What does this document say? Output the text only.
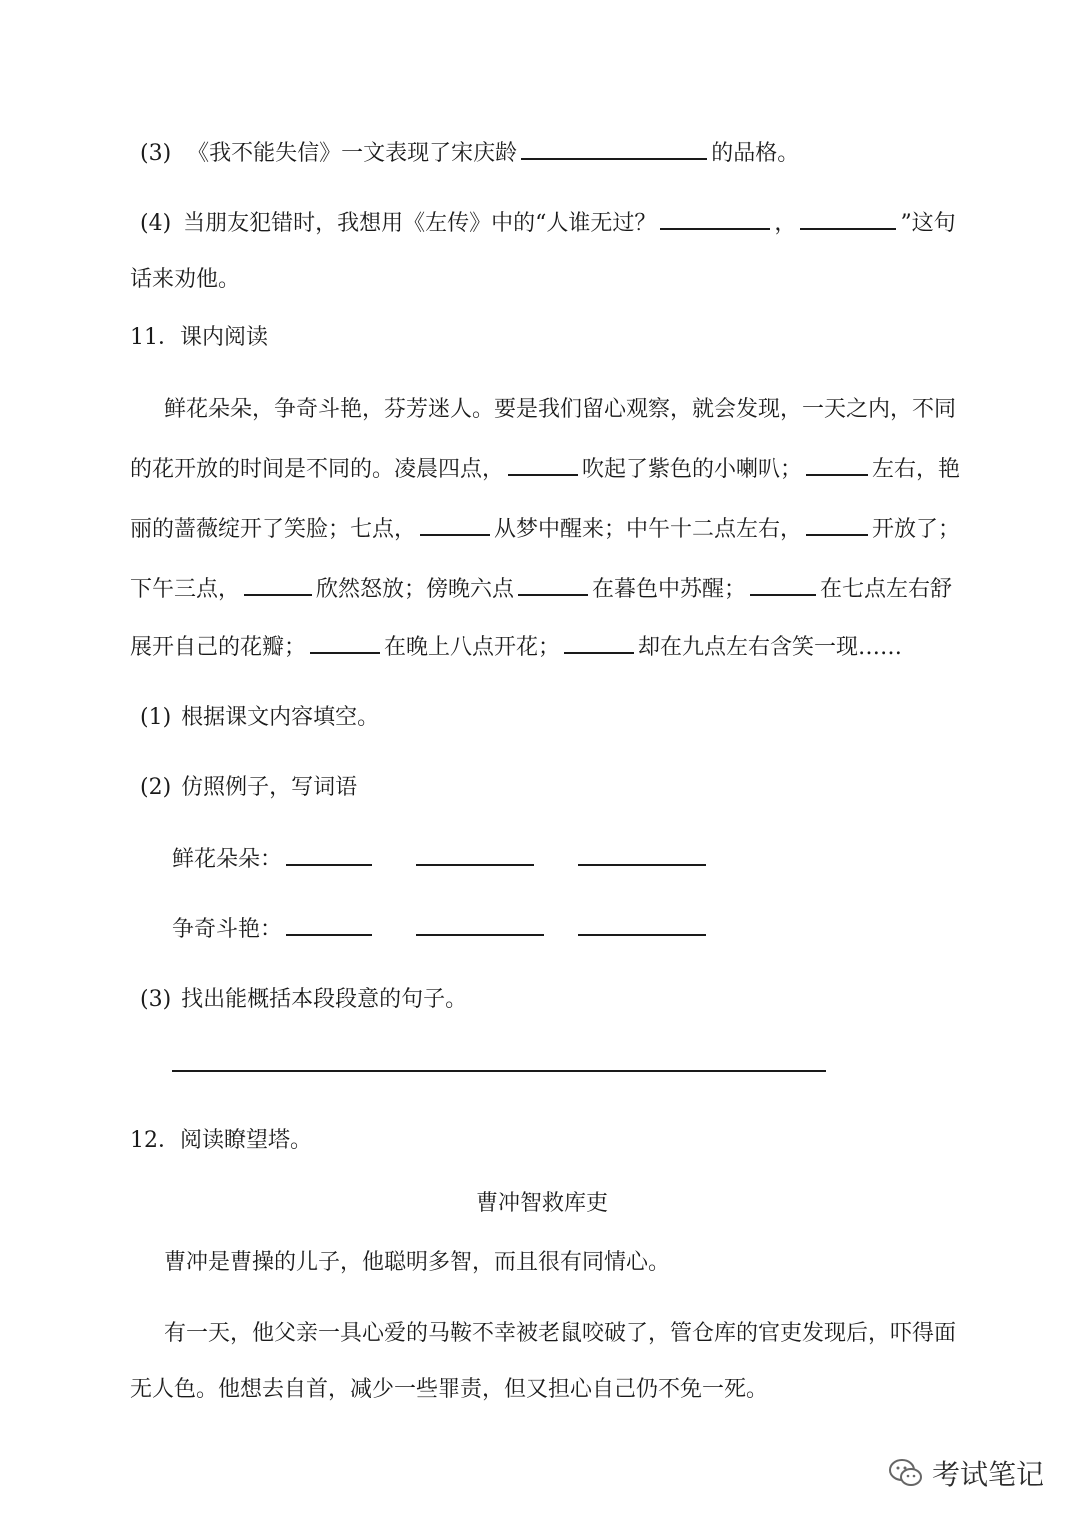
(3) 《我不能失信》一文表现了宋庆龄	的品格。
(4) 当朋友犯错时，我想用《左传》中的“人谁无过？	，	”这句
话来劝他。
11．课内阅读
鲜花朵朵，争奇斗艳，芬芳迷人。要是我们留心观察，就会发现，一天之内，不同
的花开放的时间是不同的。凌晨四点，	吹起了紫色的小喇叭；	左右，艳
丽的蔷薇绽开了笑脸；七点，	从梦中醒来；中午十二点左右，	开放了；
下午三点，	欣然怒放；傍晚六点	在暮色中苏醒；	在七点左右舒
展开自己的花瓣；	在晚上八点开花；	却在九点左右含笑一现……
(1) 根据课文内容填空。
(2) 仿照例子，写词语
鲜花朵朵：
争奇斗艳：
(3) 找出能概括本段段意的句子。
12．阅读瞭望塔。
曹冲智救库吏
曹冲是曹操的儿子，他聪明多智，而且很有同情心。
有一天，他父亲一具心爱的马鞍不幸被老鼠咬破了，管仓库的官吏发现后，吓得面
无人色。他想去自首，减少一些罪责，但又担心自己仍不免一死。
考试笔记
